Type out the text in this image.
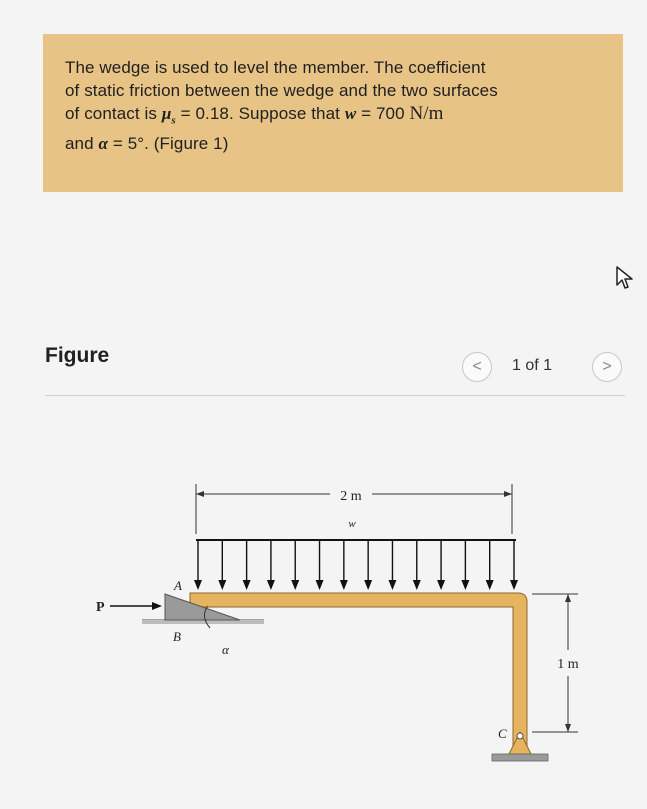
The wedge is used to level the member. The coefficient
of static friction between the wedge and the two surfaces
of contact is $\mu_s = 0.18$. Suppose that w = 700 N/m
and α = 5°. (Figure 1)
Figure	< 1 of 1	>
2 m
w
P
A
B
α
1 m
C
